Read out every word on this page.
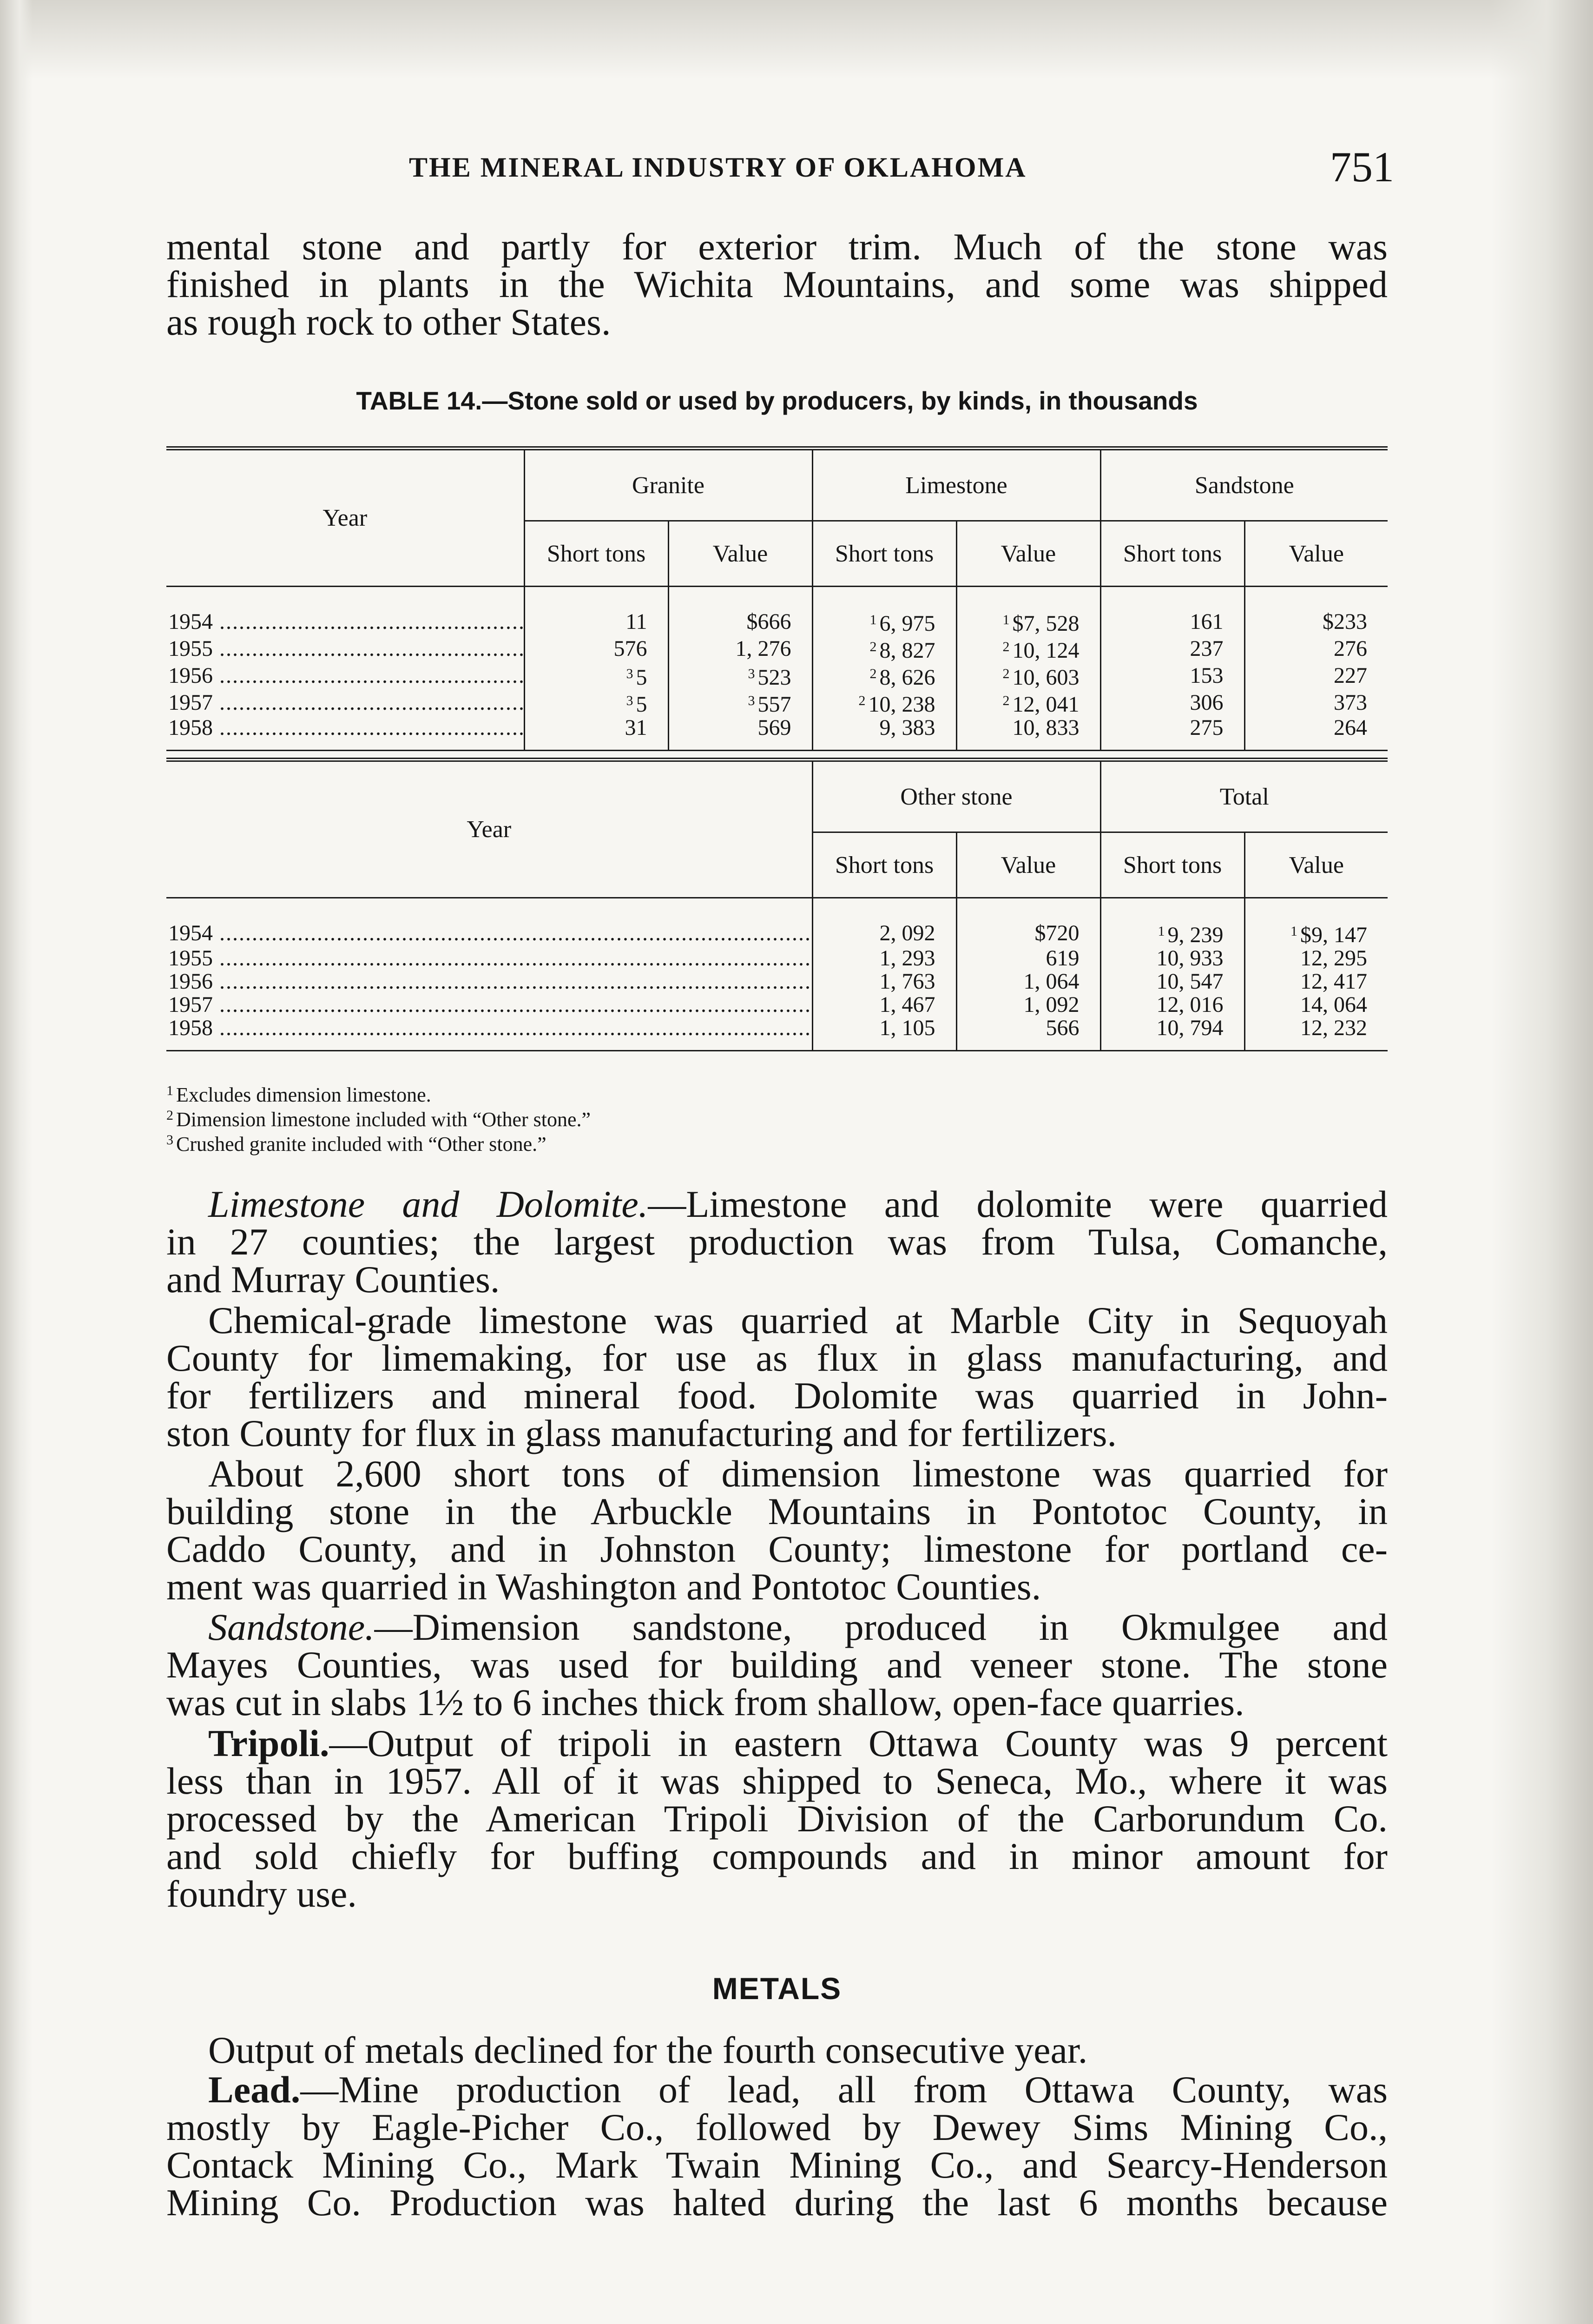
THE MINERAL INDUSTRY OF OKLAHOMA	751

mental stone and partly for exterior trim. Much of the stone was
finished in plants in the Wichita Mountains, and some was shipped
as rough rock to other States.

TABLE 14.—Stone sold or used by producers, by kinds, in thousands
Year	Granite		Limestone		Sandstone	
	Short tons	Value	Short tons	Value	Short tons	Value
1954 .....	11	$666	$^1$ 6, 975	$^1$ $7, 528	161	$233
1955 .....	576	1, 276	$^2$ 8, 827	$^2$ 10, 124	237	276
1956 .....	$^3$ 5	$^3$ 523	$^2$ 8, 626	$^2$ 10, 603	153	227
1957 .....	$^3$ 5	$^3$ 557	$^2$ 10, 238	$^2$ 12, 041	306	373
1958 .....	31	569	9, 383	10, 833	275	264
Year	Other stone		Total	
	Short tons	Value	Short tons	Value
1954 .....	2, 092	$720	$^1$ 9, 239	$^1$ $9, 147
1955 .....	1, 293	619	10, 933	12, 295
1956 .....	1, 763	1, 064	10, 547	12, 417
1957 .....	1, 467	1, 092	12, 016	14, 064
1958 .....	1, 105	566	10, 794	12, 232
$^1$ Excludes dimension limestone.
$^2$ Dimension limestone included with “Other stone.”
$^3$ Crushed granite included with “Other stone.”

Limestone and Dolomite.—Limestone and dolomite were quarried
in 27 counties; the largest production was from Tulsa, Comanche,
and Murray Counties.

Chemical-grade limestone was quarried at Marble City in Sequoyah
County for limemaking, for use as flux in glass manufacturing, and
for fertilizers and mineral food. Dolomite was quarried in John-
ston County for flux in glass manufacturing and for fertilizers.

About 2,600 short tons of dimension limestone was quarried for
building stone in the Arbuckle Mountains in Pontotoc County, in
Caddo County, and in Johnston County; limestone for portland ce-
ment was quarried in Washington and Pontotoc Counties.

Sandstone.—Dimension sandstone, produced in Okmulgee and
Mayes Counties, was used for building and veneer stone. The stone
was cut in slabs 1½ to 6 inches thick from shallow, open-face quarries.

Tripoli.—Output of tripoli in eastern Ottawa County was 9 percent
less than in 1957. All of it was shipped to Seneca, Mo., where it was
processed by the American Tripoli Division of the Carborundum Co.
and sold chiefly for buffing compounds and in minor amount for
foundry use.

METALS

Output of metals declined for the fourth consecutive year.

Lead.—Mine production of lead, all from Ottawa County, was
mostly by Eagle-Picher Co., followed by Dewey Sims Mining Co.,
Contack Mining Co., Mark Twain Mining Co., and Searcy-Henderson
Mining Co. Production was halted during the last 6 months because
